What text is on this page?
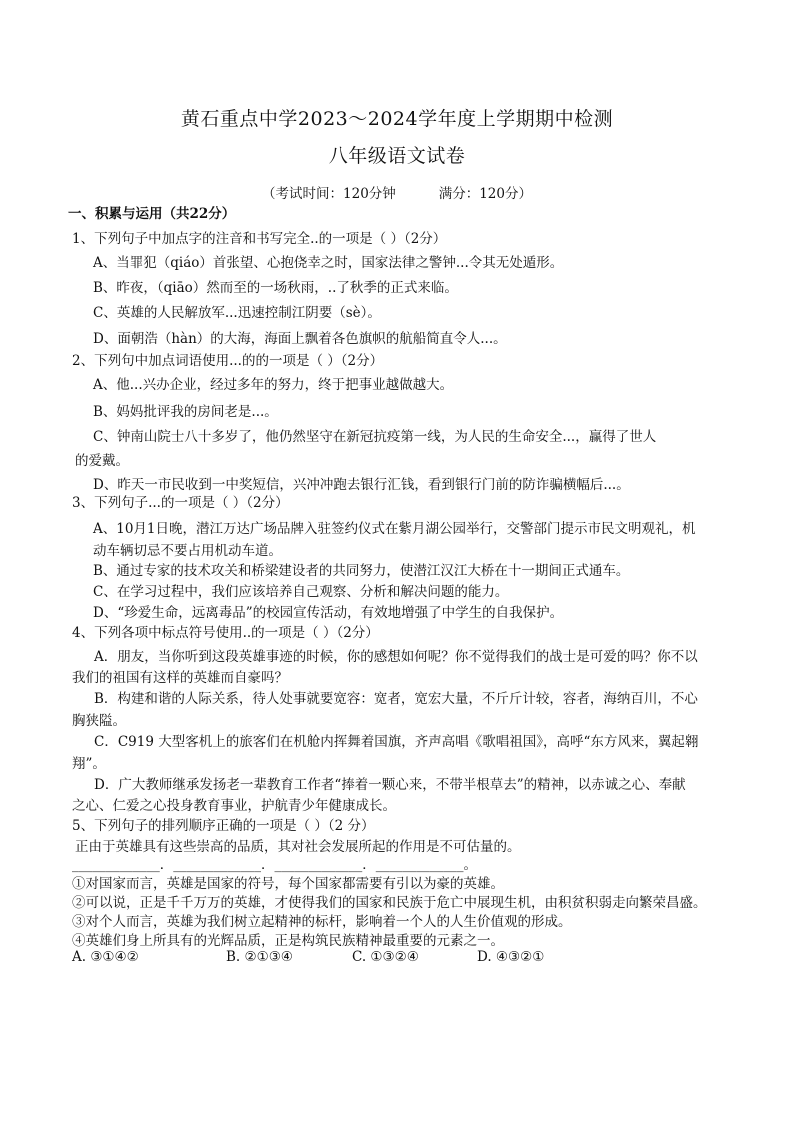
黄石重点中学2023～2024学年度上学期期中检测
八年级语文试卷
（考试时间：120分钟          满分：120分）
一、积累与运用（共22分）
1、下列句子中加点字的注音和书写完全..的一项是（ ）（2分）
A、当罪犯（qiáo）首张望、心抱侥幸之时，国家法律之警钟...令其无处遁形。
B、昨夜，（qiāo）然而至的一场秋雨，..了秋季的正式来临。
C、英雄的人民解放军...迅速控制江阴要（sè）。
D、面朝浩（hàn）的大海，海面上飘着各色旗帜的航船简直令人...。
2、下列句中加点词语使用...的的一项是（ ）（2分）
A、他...兴办企业，经过多年的努力，终于把事业越做越大。
B、妈妈批评我的房间老是...。
C、钟南山院士八十多岁了，他仍然坚守在新冠抗疫第一线，为人民的生命安全...，赢得了世人
的爱戴。
D、昨天一市民收到一中奖短信，兴冲冲跑去银行汇钱，看到银行门前的防诈骗横幅后...。
3、下列句子...的一项是（ ）（2分）
A、10月1日晚，潜江万达广场品牌入驻签约仪式在紫月湖公园举行，交警部门提示市民文明观礼，机
动车辆切忌不要占用机动车道。
B、通过专家的技术攻关和桥梁建设者的共同努力，使潜江汉江大桥在十一期间正式通车。
C、在学习过程中，我们应该培养自己观察、分析和解决问题的能力。
D、“珍爱生命，远离毒品”的校园宣传活动，有效地增强了中学生的自我保护。
4、下列各项中标点符号使用..的一项是（ ）（2分）
A．朋友，当你听到这段英雄事迹的时候，你的感想如何呢？你不觉得我们的战士是可爱的吗？你不以
我们的祖国有这样的英雄而自豪吗？
B．构建和谐的人际关系，待人处事就要宽容：宽者，宽宏大量，不斤斤计较，容者，海纳百川，不心
胸狭隘。
C．C919 大型客机上的旅客们在机舱内挥舞着国旗，齐声高唱《歌唱祖国》，高呼“东方风来，翼起翱
翔”。
D．广大教师继承发扬老一辈教育工作者“捧着一颗心来，不带半根草去”的精神，以赤诚之心、奉献
之心、仁爱之心投身教育事业，护航青少年健康成长。
5、下列句子的排列顺序正确的一项是（ ）（2 分）
正由于英雄具有这些崇高的品质，其对社会发展所起的作用是不可估量的。
_____________．_____________．_____________．_____________。
①对国家而言，英雄是国家的符号，每个国家都需要有引以为豪的英雄。
②可以说，正是千千万万的英雄，才使得我们的国家和民族于危亡中展现生机，由积贫积弱走向繁荣昌盛。
③对个人而言，英雄为我们树立起精神的标杆，影响着一个人的人生价值观的形成。
④英雄们身上所具有的光辉品质，正是构筑民族精神最重要的元素之一。
A. ③①④②	B. ②①③④	C. ①③②④	D. ④③②①
